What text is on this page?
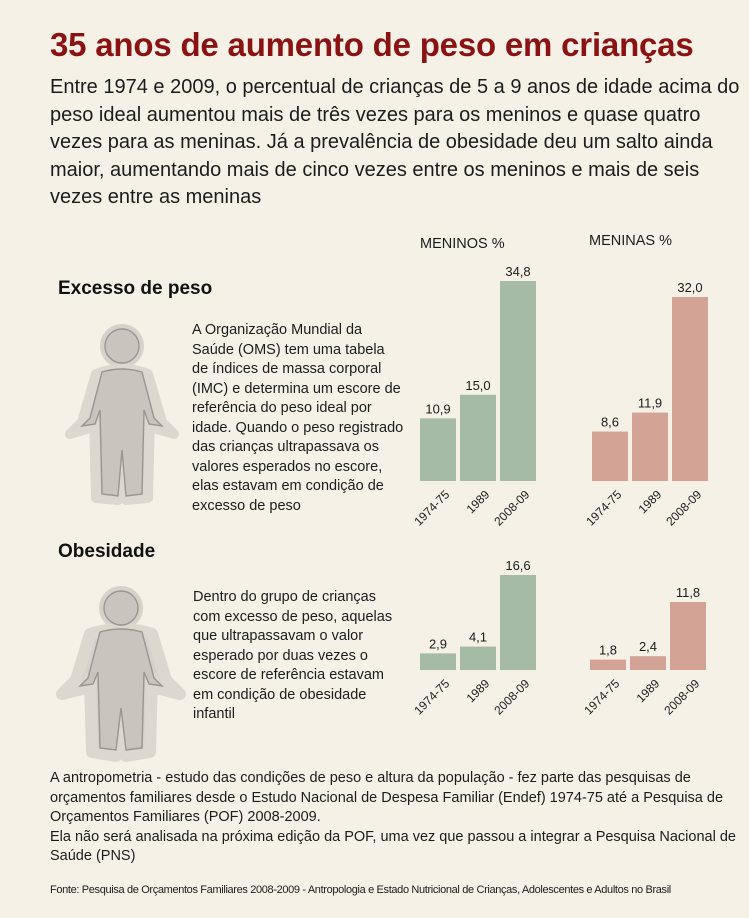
35 anos de aumento de peso em crianças

Entre 1974 e 2009, o percentual de crianças de 5 a 9 anos de idade acima do peso ideal aumentou mais de três vezes para os meninos e quase quatro vezes para as meninas. Já a prevalência de obesidade deu um salto ainda maior, aumentando mais de cinco vezes entre os meninos e mais de seis vezes entre as meninas

MENINOS %	MENINAS %
Excesso de peso
Obesidade

A Organização Mundial da Saúde (OMS) tem uma tabela de índices de massa corporal (IMC) e determina um escore de referência do peso ideal por idade. Quando o peso registrado das crianças ultrapassava os valores esperados no escore, elas estavam em condição de excesso de peso

Dentro do grupo de crianças com excesso de peso, aquelas que ultrapassavam o valor esperado por duas vezes o escore de referência estavam em condição de obesidade infantil

10,9
1974-75
15,0
1989
34,8
2008-09
8,6
1974-75
11,9
1989
32,0
2008-09
2,9
1974-75
4,1
1989
16,6
2008-09
1,8
1974-75
2,4
1989
11,8
2008-09

A antropometria - estudo das condições de peso e altura da população - fez parte das pesquisas de orçamentos familiares desde o Estudo Nacional de Despesa Familiar (Endef) 1974-75 até a Pesquisa de Orçamentos Familiares (POF) 2008-2009.

Ela não será analisada na próxima edição da POF, uma vez que passou a integrar a Pesquisa Nacional de Saúde (PNS)

Fonte: Pesquisa de Orçamentos Familiares 2008-2009 - Antropologia e Estado Nutricional de Crianças, Adolescentes e Adultos no Brasil
